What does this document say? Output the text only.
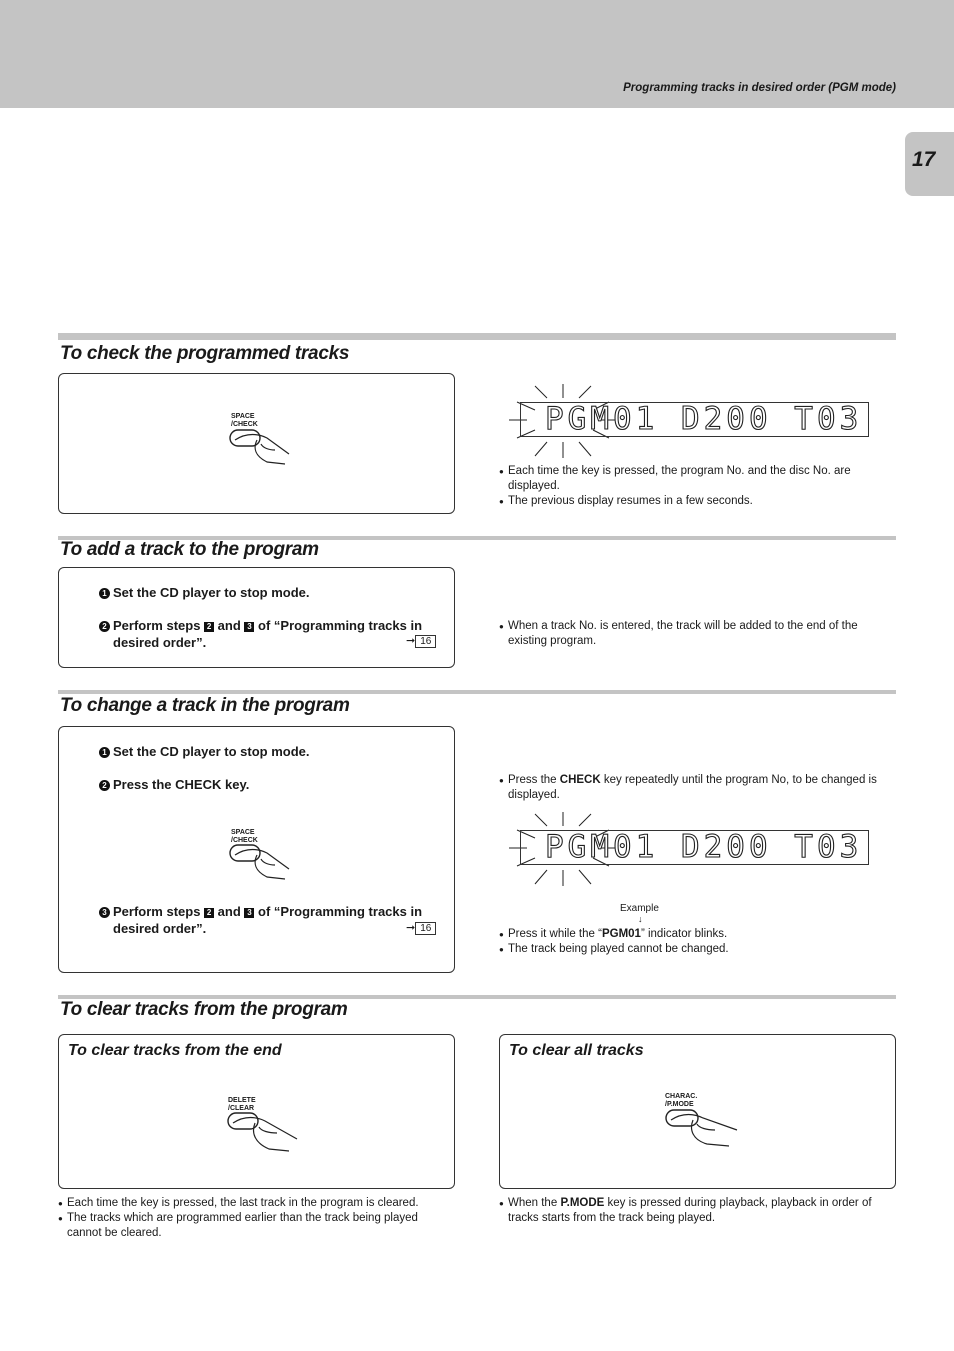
Programming tracks in desired order (PGM mode)
17
To check the programmed tracks
SPACE
/CHECK	PGM01 D200 T03
● Each time the key is pressed, the program No. and the disc No. are displayed.
● The previous display resumes in a few seconds.
To add a track to the program
1 Set the CD player to stop mode.
2 Perform steps 2 and 3 of “Programming tracks in
desired order”.	➞ 16
● When a track No. is entered, the track will be added to the end of the existing program.
To change a track in the program
1 Set the CD player to stop mode.
2 Press the CHECK key.
SPACE
/CHECK
3 Perform steps 2 and 3 of “Programming tracks in
desired order”.	➞ 16
● Press the CHECK key repeatedly until the program No, to be changed is displayed.
PGM01 D200 T03
Example
↓
● Press it while the “PGM01” indicator blinks.
● The track being played cannot be changed.
To clear tracks from the program
To clear tracks from the end
DELETE
/CLEAR
● Each time the key is pressed, the last track in the program is cleared.
● The tracks which are programmed earlier than the track being played cannot be cleared.
To clear all tracks
CHARAC.
/P.MODE
● When the P.MODE key is pressed during playback, playback in order of tracks starts from the track being played.
